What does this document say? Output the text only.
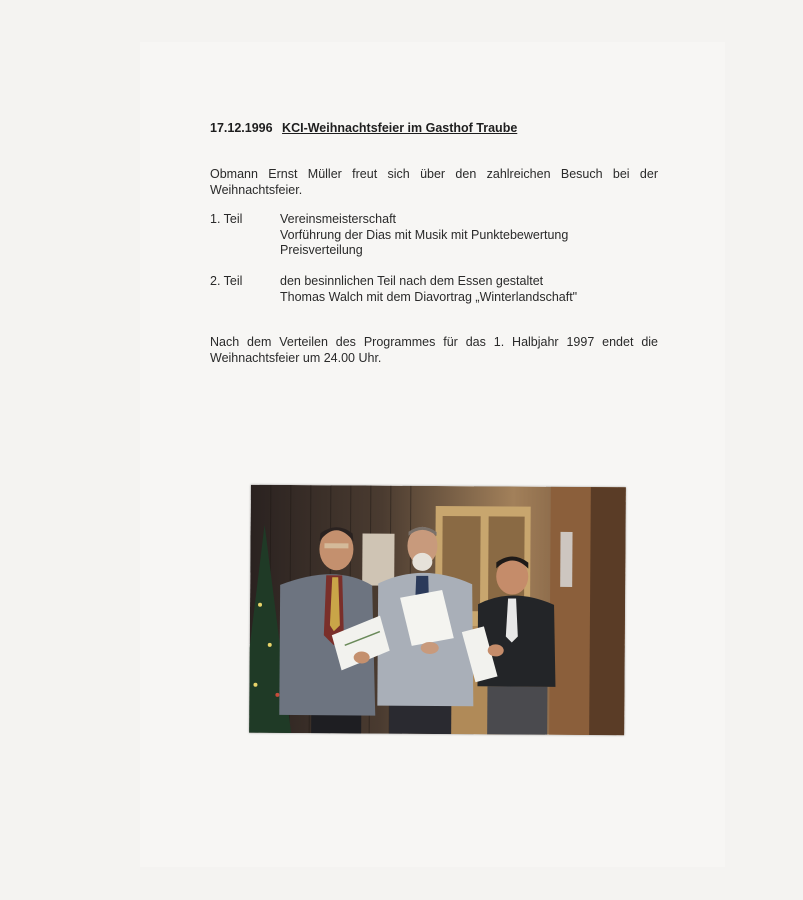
17.12.1996 KCI-Weihnachtsfeier im Gasthof Traube
Obmann Ernst Müller freut sich über den zahlreichen Besuch bei der Weihnachtsfeier.
1. Teil	Vereinsmeisterschaft
Vorführung der Dias mit Musik mit Punktebewertung
Preisverteilung
2. Teil	den besinnlichen Teil nach dem Essen gestaltet
Thomas Walch mit dem Diavortrag „Winterlandschaft"
Nach dem Verteilen des Programmes für das 1. Halbjahr 1997 endet die Weihnachtsfeier um 24.00 Uhr.
